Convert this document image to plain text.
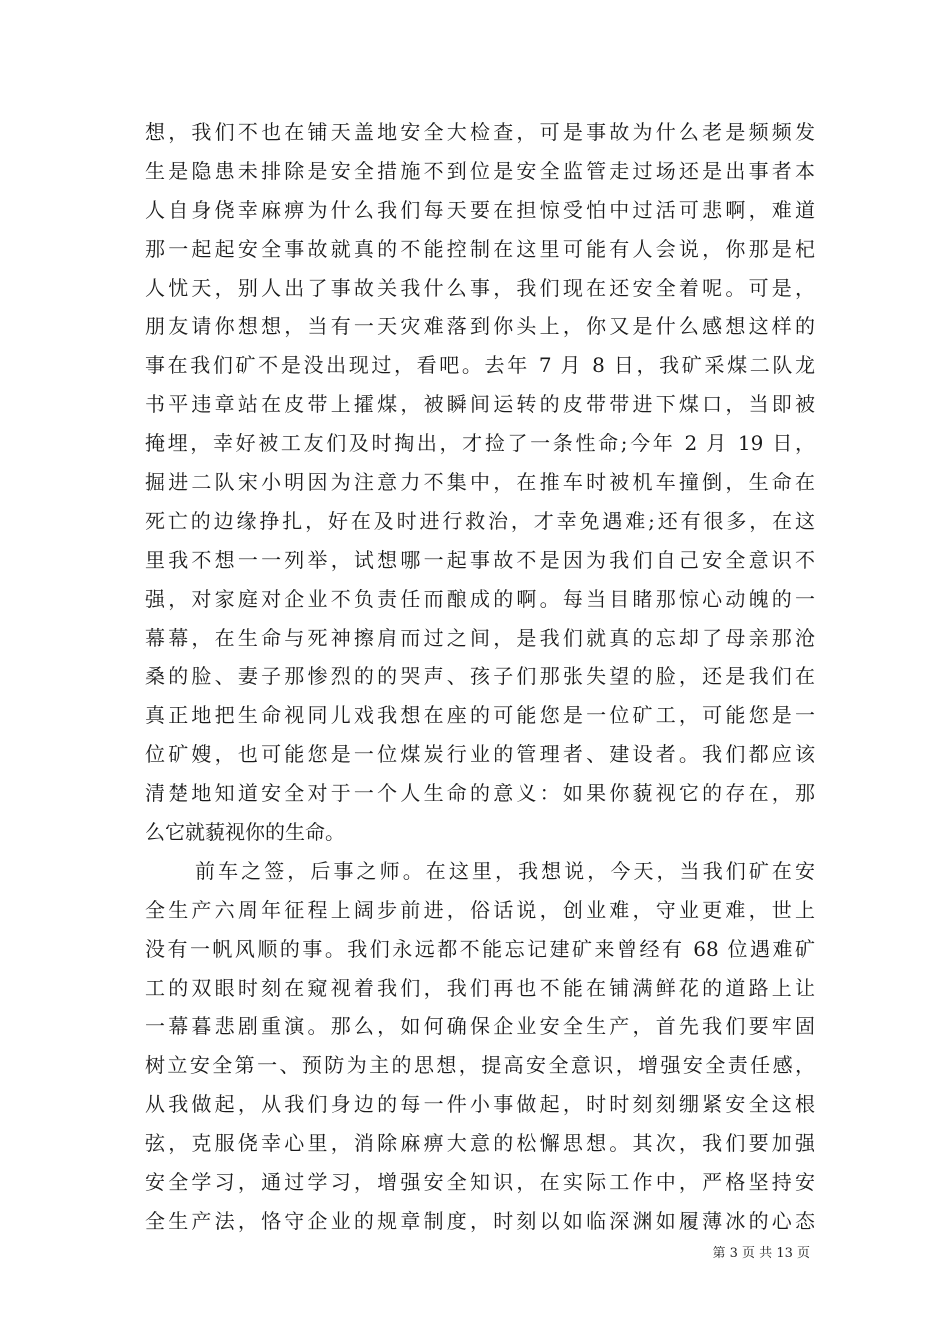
想，我们不也在铺天盖地安全大检查，可是事故为什么老是频频发
生是隐患未排除是安全措施不到位是安全监管走过场还是出事者本
人自身侥幸麻痹为什么我们每天要在担惊受怕中过活可悲啊，难道
那一起起安全事故就真的不能控制在这里可能有人会说，你那是杞
人忧天，别人出了事故关我什么事，我们现在还安全着呢。可是，
朋友请你想想，当有一天灾难落到你头上，你又是什么感想这样的
事在我们矿不是没出现过，看吧。去年 7 月 8 日，我矿采煤二队龙
书平违章站在皮带上攉煤，被瞬间运转的皮带带进下煤口，当即被
掩埋，幸好被工友们及时掏出，才捡了一条性命;今年 2 月 19 日，
掘进二队宋小明因为注意力不集中，在推车时被机车撞倒，生命在
死亡的边缘挣扎，好在及时进行救治，才幸免遇难;还有很多，在这
里我不想一一列举，试想哪一起事故不是因为我们自己安全意识不
强，对家庭对企业不负责任而酿成的啊。每当目睹那惊心动魄的一
幕幕，在生命与死神擦肩而过之间，是我们就真的忘却了母亲那沧
桑的脸、妻子那惨烈的的哭声、孩子们那张失望的脸，还是我们在
真正地把生命视同儿戏我想在座的可能您是一位矿工，可能您是一
位矿嫂，也可能您是一位煤炭行业的管理者、建设者。我们都应该
清楚地知道安全对于一个人生命的意义：如果你藐视它的存在，那
么它就藐视你的生命。
前车之签，后事之师。在这里，我想说，今天，当我们矿在安
全生产六周年征程上阔步前进，俗话说，创业难，守业更难，世上
没有一帆风顺的事。我们永远都不能忘记建矿来曾经有 68 位遇难矿
工的双眼时刻在窥视着我们，我们再也不能在铺满鲜花的道路上让
一幕暮悲剧重演。那么，如何确保企业安全生产，首先我们要牢固
树立安全第一、预防为主的思想，提高安全意识，增强安全责任感，
从我做起，从我们身边的每一件小事做起，时时刻刻绷紧安全这根
弦，克服侥幸心里，消除麻痹大意的松懈思想。其次，我们要加强
安全学习，通过学习，增强安全知识，在实际工作中，严格坚持安
全生产法，恪守企业的规章制度，时刻以如临深渊如履薄冰的心态
第 3 页 共 13 页
